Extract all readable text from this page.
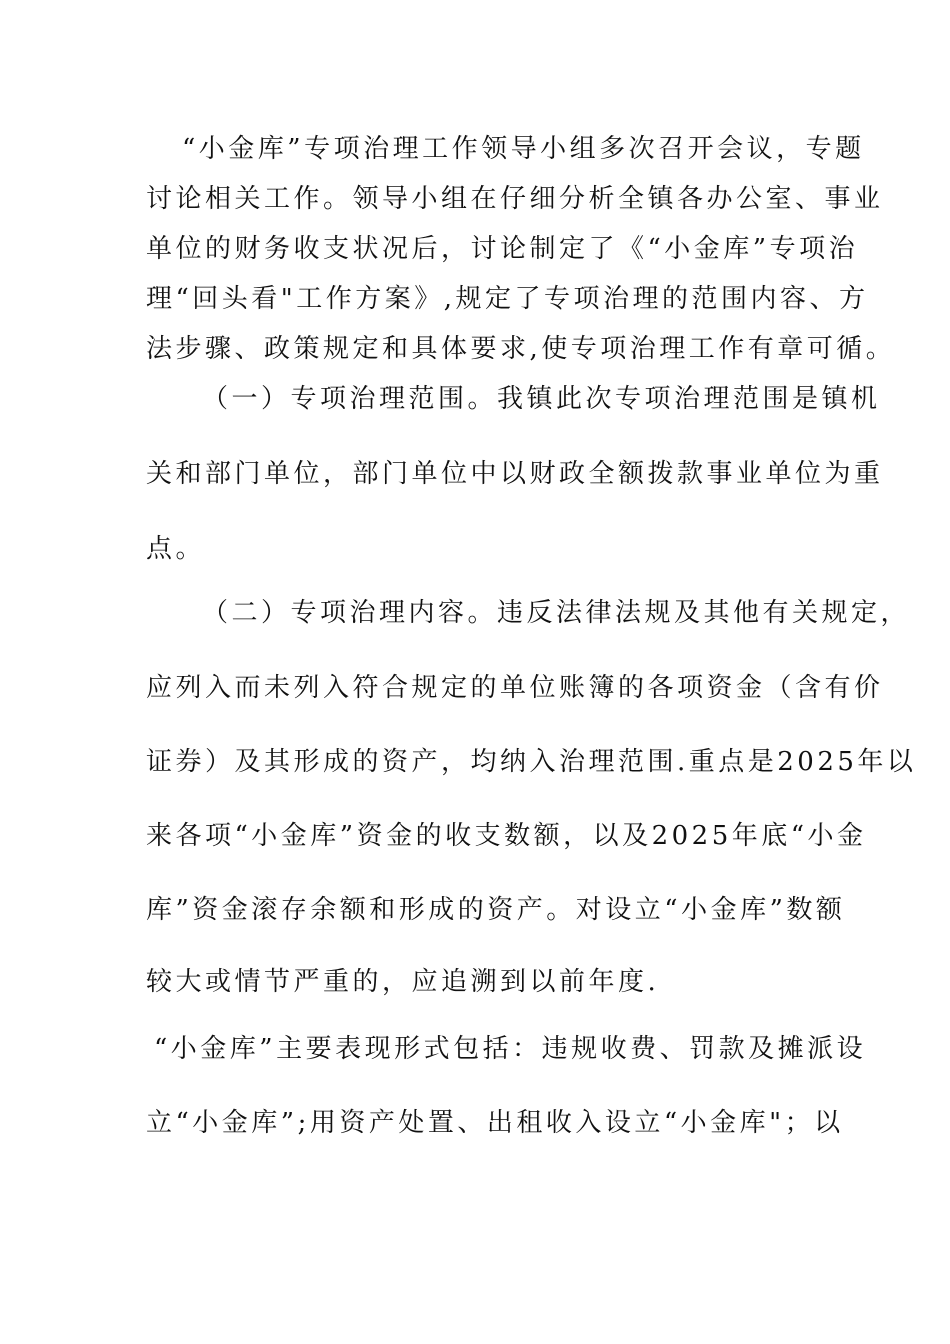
“小金库”专项治理工作领导小组多次召开会议，专题
讨论相关工作。领导小组在仔细分析全镇各办公室、事业
单位的财务收支状况后，讨论制定了《“小金库”专项治
理“回头看"工作方案》,规定了专项治理的范围内容、方
法步骤、政策规定和具体要求,使专项治理工作有章可循。
（一）专项治理范围。我镇此次专项治理范围是镇机
关和部门单位，部门单位中以财政全额拨款事业单位为重
点。
（二）专项治理内容。违反法律法规及其他有关规定，
应列入而未列入符合规定的单位账簿的各项资金（含有价
证券）及其形成的资产，均纳入治理范围.重点是2025年以
来各项“小金库”资金的收支数额，以及2025年底“小金
库”资金滚存余额和形成的资产。对设立“小金库”数额
较大或情节严重的，应追溯到以前年度.
“小金库”主要表现形式包括：违规收费、罚款及摊派设
立“小金库”;用资产处置、出租收入设立“小金库"；以
